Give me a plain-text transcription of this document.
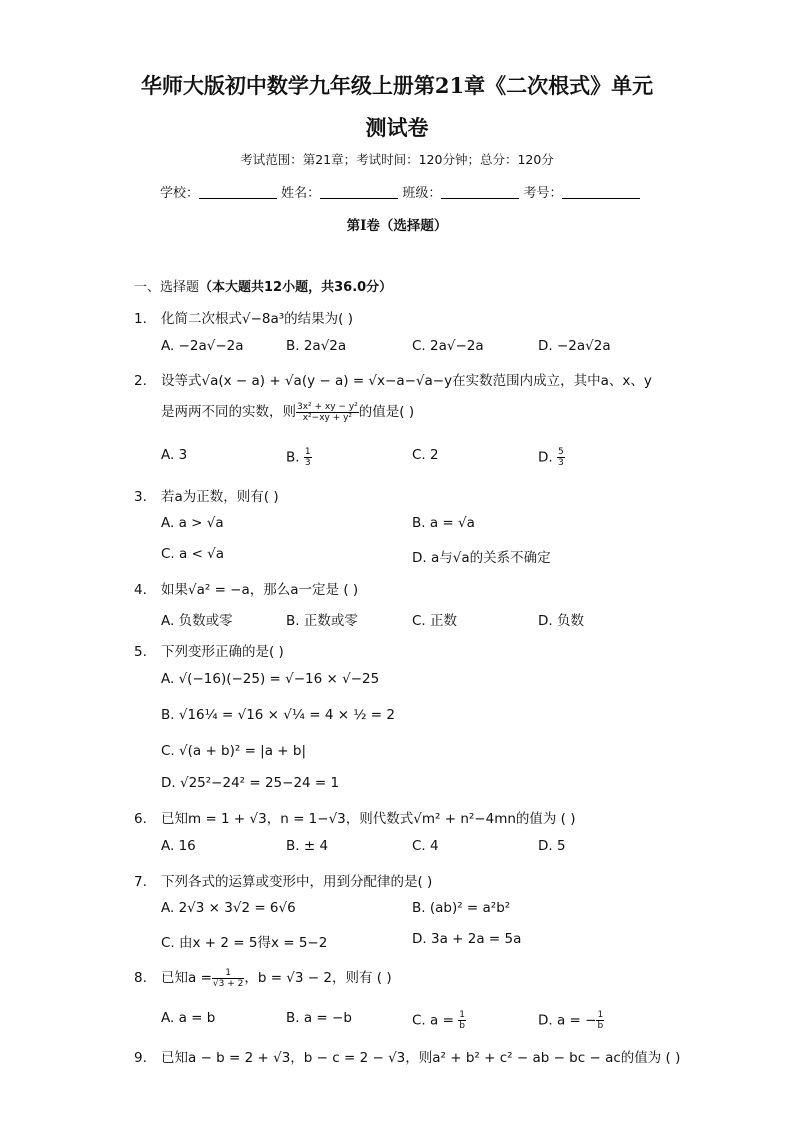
华师大版初中数学九年级上册第21章《二次根式》单元
测试卷
考试范围：第21章；考试时间：120分钟；总分：120分
学校：	姓名：	班级：	考号：
第I卷（选择题）
一、选择题（本大题共12小题，共36.0分）
1. 化简二次根式√−8a³的结果为( )
A. −2a√−2a	B. 2a√2a	C. 2a√−2a	D. −2a√2a
2. 设等式√a(x − a) + √a(y − a) = √x−a−√a−y在实数范围内成立，其中a、x、y
是两两不同的实数，则 $\frac{\text{3x² + xy − y²}}{\text{x²−xy + y²}}$ 的值是( )
A. 3	B. $\frac{1}{3}$	C. 2	D. $\frac{5}{3}$
3. 若a为正数，则有( )
A. a > √a	B. a = √a
C. a < √a	D. a与√a的关系不确定
4. 如果√a² = −a，那么a一定是 ( )
A. 负数或零	B. 正数或零	C. 正数	D. 负数
5. 下列变形正确的是( )
A. √(−16)(−25) = √−16 × √−25
B. √16¼ = √16 × √¼ = 4 × ½ = 2
C. √(a + b)² = |a + b|
D. √25²−24² = 25−24 = 1
6. 已知m = 1 + √3，n = 1−√3，则代数式√m² + n²−4mn的值为 ( )
A. 16	B. ± 4	C. 4	D. 5
7. 下列各式的运算或变形中，用到分配律的是( )
A. 2√3 × 3√2 = 6√6	B. (ab)² = a²b²
C. 由x + 2 = 5得x = 5−2	D. 3a + 2a = 5a
8. 已知$a = \frac{1}{√3 + 2}$ ，b = √3 − 2，则有 ( )
A. a = b	B. a = −b	C. $a = \frac{1}{b}$	D. a = − $\frac{1}{b}$
9. 已知a − b = 2 + √3，b − c = 2 − √3，则a² + b² + c² − ab − bc − ac的值为 ( )
